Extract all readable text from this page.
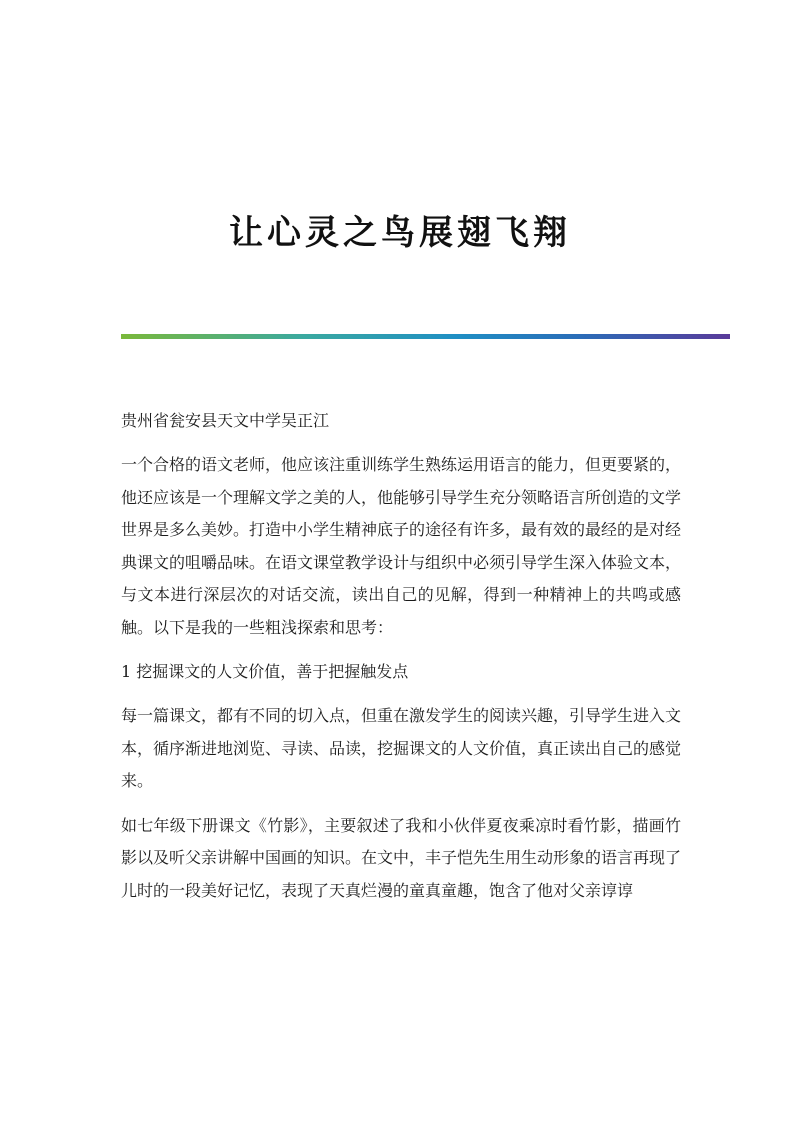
让心灵之鸟展翅飞翔

贵州省瓮安县天文中学吴正江

一个合格的语文老师，他应该注重训练学生熟练运用语言的能力，但更要紧的，他还应该是一个理解文学之美的人，他能够引导学生充分领略语言所创造的文学世界是多么美妙。打造中小学生精神底子的途径有许多，最有效的最经的是对经典课文的咀嚼品味。在语文课堂教学设计与组织中必须引导学生深入体验文本，与文本进行深层次的对话交流，读出自己的见解，得到一种精神上的共鸣或感触。以下是我的一些粗浅探索和思考：

1 挖掘课文的人文价值，善于把握触发点

每一篇课文，都有不同的切入点，但重在激发学生的阅读兴趣，引导学生进入文本，循序渐进地浏览、寻读、品读，挖掘课文的人文价值，真正读出自己的感觉来。

如七年级下册课文《竹影》，主要叙述了我和小伙伴夏夜乘凉时看竹影，描画竹影以及听父亲讲解中国画的知识。在文中，丰子恺先生用生动形象的语言再现了儿时的一段美好记忆，表现了天真烂漫的童真童趣，饱含了他对父亲谆谆
